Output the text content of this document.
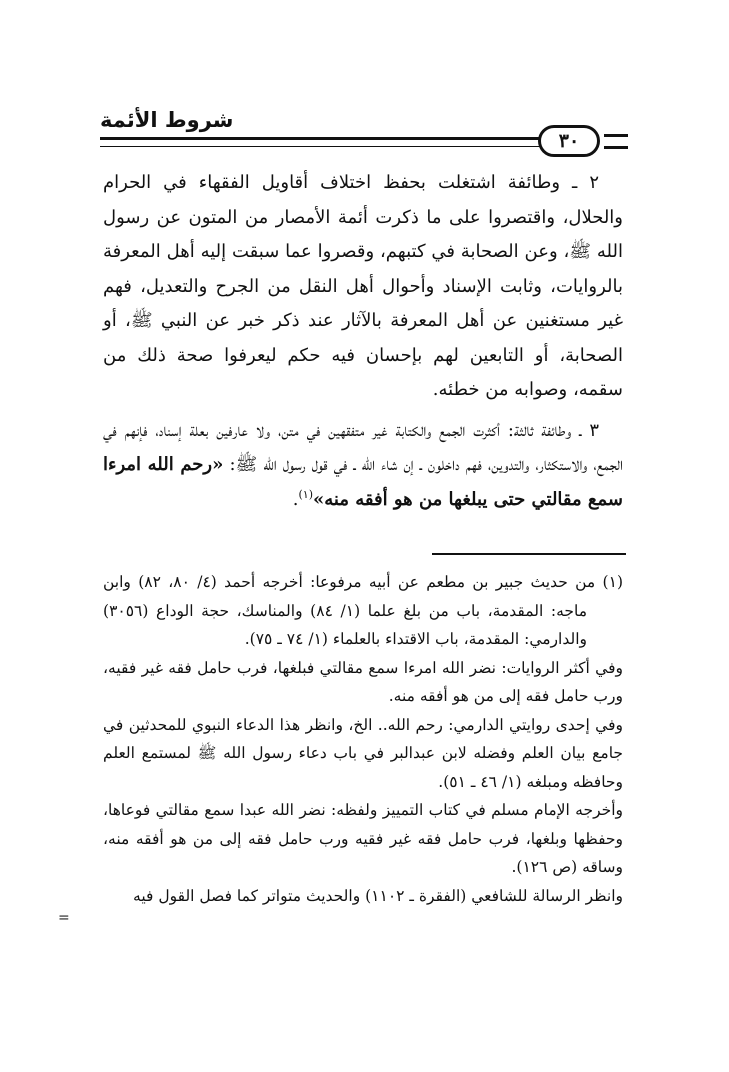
٣٠
شروط الأئمة

٢ ـ وطائفة اشتغلت بحفظ اختلاف أقاويل الفقهاء في الحرام والحلال، واقتصروا على ما ذكرت أئمة الأمصار من المتون عن رسول الله ﷺ، وعن الصحابة في كتبهم، وقصروا عما سبقت إليه أهل المعرفة بالروايات، وثابت الإسناد وأحوال أهل النقل من الجرح والتعديل، فهم غير مستغنين عن أهل المعرفة بالآثار عند ذكر خبر عن النبي ﷺ، أو الصحابة، أو التابعين لهم بإحسان فيه حكم ليعرفوا صحة ذلك من سقمه، وصوابه من خطئه.

٣ ـ وطائفة ثالثة: أكثرت الجمع والكتابة غير متفقهين في متن، ولا عارفين بعلة إسناد، فإنهم في الجمع، والاستكثار، والتدوين، فهم داخلون ـ إن شاء الله ـ في قول رسول الله ﷺ: «رحم الله امرءا سمع مقالتي حتى يبلغها من هو أفقه منه»$^{(١)}$.

(١) من حديث جبير بن مطعم عن أبيه مرفوعا: أخرجه أحمد (٤/ ٨٠، ٨٢) وابن ماجه: المقدمة، باب من بلغ علما (١/ ٨٤) والمناسك، حجة الوداع (٣٠٥٦) والدارمي: المقدمة، باب الاقتداء بالعلماء (١/ ٧٤ ـ ٧٥).

وفي أكثر الروايات: نضر الله امرءا سمع مقالتي فبلغها، فرب حامل فقه غير فقيه، ورب حامل فقه إلى من هو أفقه منه.

وفي إحدى روايتي الدارمي: رحم الله.. الخ، وانظر هذا الدعاء النبوي للمحدثين في جامع بيان العلم وفضله لابن عبدالبر في باب دعاء رسول الله ﷺ لمستمع العلم وحافظه ومبلغه (١/ ٤٦ ـ ٥١).

وأخرجه الإمام مسلم في كتاب التمييز ولفظه: نضر الله عبدا سمع مقالتي فوعاها، وحفظها وبلغها، فرب حامل فقه غير فقيه ورب حامل فقه إلى من هو أفقه منه، وساقه (ص ١٢٦).

وانظر الرسالة للشافعي (الفقرة ـ ١١٠٢) والحديث متواتر كما فصل القول فيه

=
